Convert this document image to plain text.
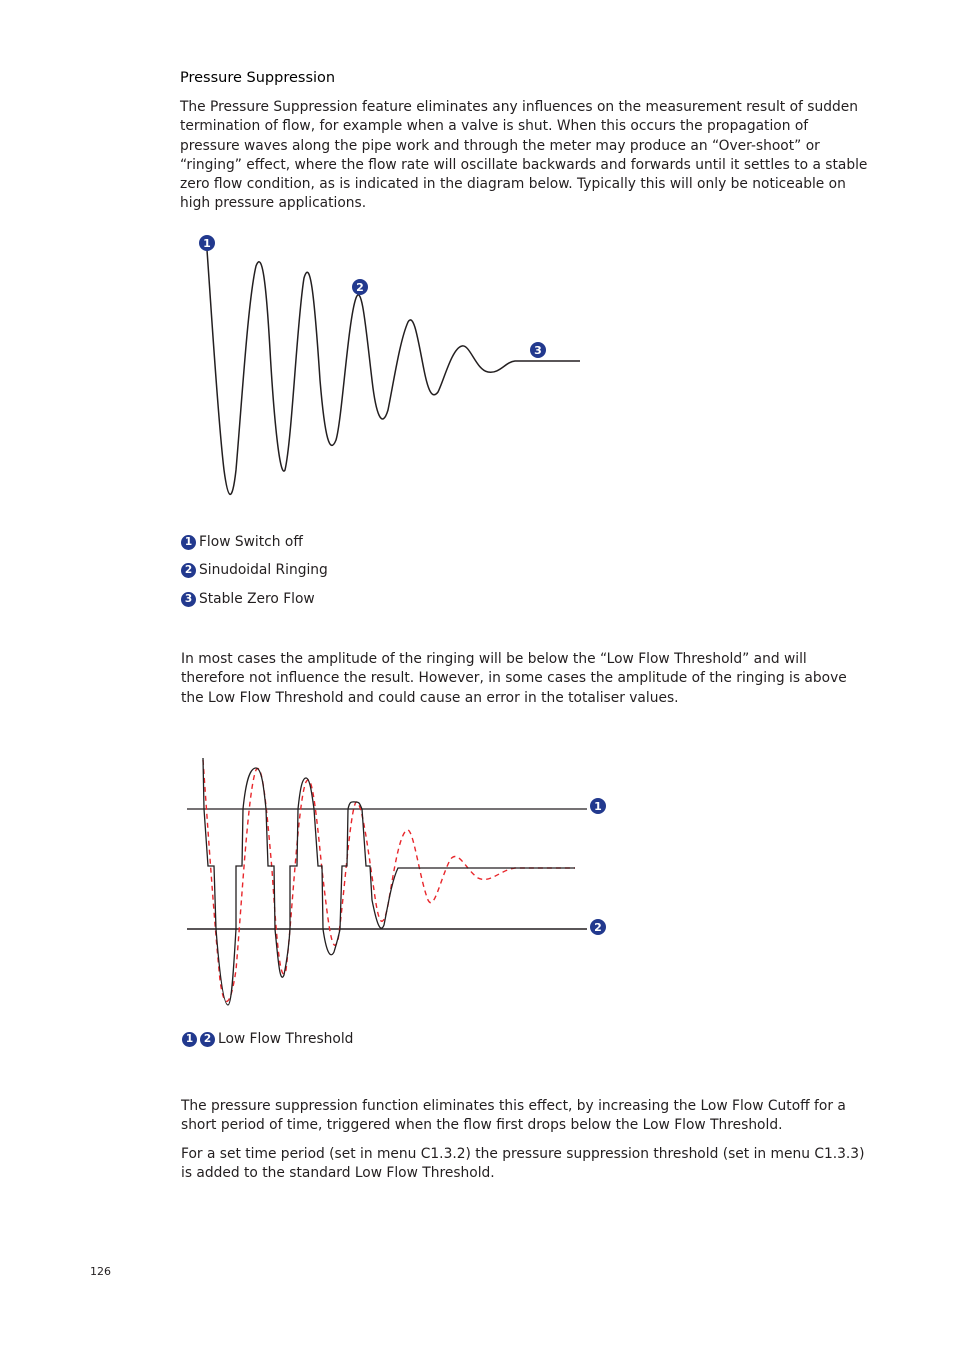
Pressure Suppression

The Pressure Suppression feature eliminates any influences on the measurement result of sudden termination of flow, for example when a valve is shut. When this occurs the propagation of pressure waves along the pipe work and through the meter may produce an “Over-shoot” or “ringing” effect, where the flow rate will oscillate backwards and forwards until it settles to a stable zero flow condition, as is indicated in the diagram below. Typically this will only be noticeable on high pressure applications.

1
2
3
1
2
1 Flow Switch off
2 Sinudoidal Ringing
3 Stable Zero Flow

In most cases the amplitude of the ringing will be below the “Low Flow Threshold” and will therefore not influence the result. However, in some cases the amplitude of the ringing is above the Low Flow Threshold and could cause an error in the totaliser values.

1	2 Low Flow Threshold

The pressure suppression function eliminates this effect, by increasing the Low Flow Cutoff for a short period of time, triggered when the flow first drops below the Low Flow Threshold.

For a set time period (set in menu C1.3.2) the pressure suppression threshold (set in menu C1.3.3) is added to the standard Low Flow Threshold.

126
